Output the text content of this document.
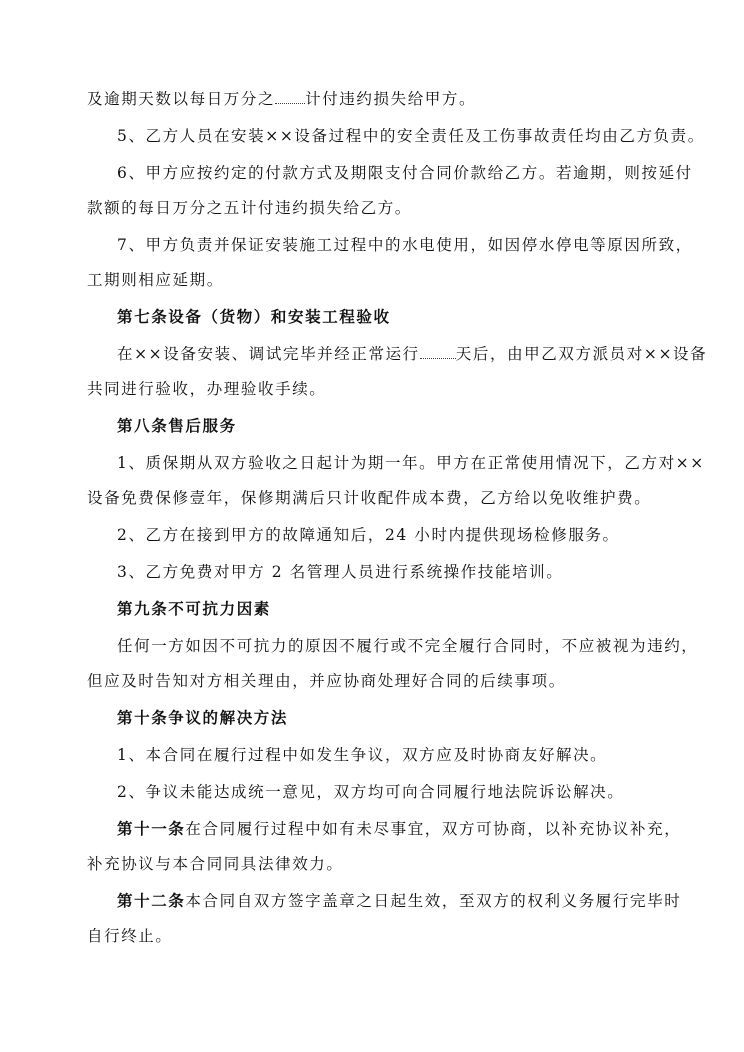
及逾期天数以每日万分之 计付违约损失给甲方。
5、乙方人员在安装××设备过程中的安全责任及工伤事故责任均由乙方负责。
6、甲方应按约定的付款方式及期限支付合同价款给乙方。若逾期，则按延付
款额的每日万分之五计付违约损失给乙方。
7、甲方负责并保证安装施工过程中的水电使用，如因停水停电等原因所致，
工期则相应延期。
第七条设备（货物）和安装工程验收
在××设备安装、调试完毕并经正常运行 天后，由甲乙双方派员对××设备
共同进行验收，办理验收手续。
第八条售后服务
1、质保期从双方验收之日起计为期一年。甲方在正常使用情况下，乙方对××
设备免费保修壹年，保修期满后只计收配件成本费，乙方给以免收维护费。
2、乙方在接到甲方的故障通知后，24 小时内提供现场检修服务。
3、乙方免费对甲方 2 名管理人员进行系统操作技能培训。
第九条不可抗力因素
任何一方如因不可抗力的原因不履行或不完全履行合同时，不应被视为违约，
但应及时告知对方相关理由，并应协商处理好合同的后续事项。
第十条争议的解决方法
1、本合同在履行过程中如发生争议，双方应及时协商友好解决。
2、争议未能达成统一意见，双方均可向合同履行地法院诉讼解决。
第十一条在合同履行过程中如有未尽事宜，双方可协商，以补充协议补充，
补充协议与本合同同具法律效力。
第十二条本合同自双方签字盖章之日起生效，至双方的权利义务履行完毕时
自行终止。
